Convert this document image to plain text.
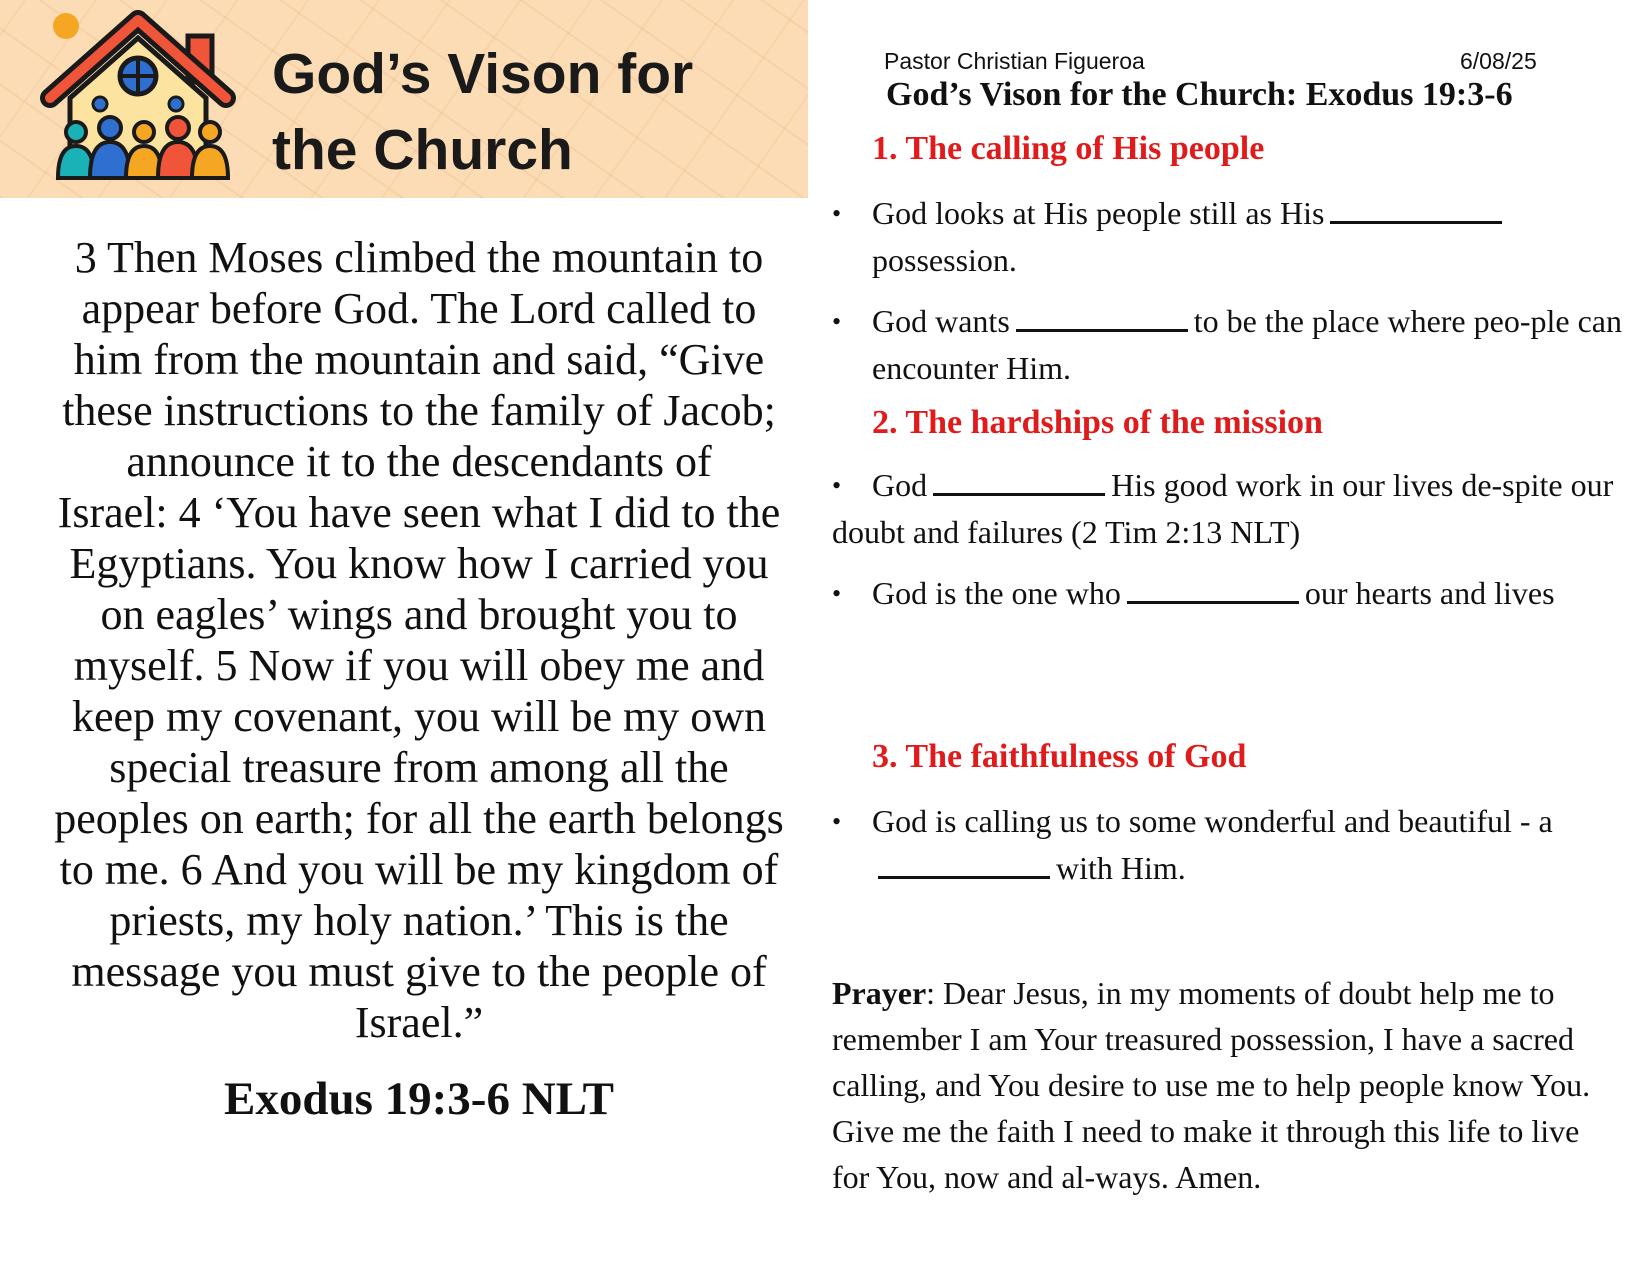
God’s Vison for
the Church
3 Then Moses climbed the mountain to
appear before God. The Lord called to
him from the mountain and said, “Give
these instructions to the family of Jacob;
announce it to the descendants of
Israel: 4 ‘You have seen what I did to the
Egyptians. You know how I carried you
on eagles’ wings and brought you to
myself. 5 Now if you will obey me and
keep my covenant, you will be my own
special treasure from among all the
peoples on earth; for all the earth belongs
to me. 6 And you will be my kingdom of
priests, my holy nation.’ This is the
message you must give to the people of
Israel.”
Exodus 19:3-6 NLT
Pastor Christian Figueroa	6/08/25
God’s Vison for the Church: Exodus 19:3-6
1. The calling of His people
• God looks at His people still as His
possession.
• God wants	to be the place where peo-ple can encounter Him.
2. The hardships of the mission
• God	His good work in our lives de-spite our doubt and failures (2 Tim 2:13 NLT)
• God is the one who	our hearts and lives
3. The faithfulness of God
• God is calling us to some wonderful and beautiful - awith Him.
Prayer: Dear Jesus, in my moments of doubt help me to remember I am Your treasured possession, I have a sacred calling, and You desire to use me to help people know You. Give me the faith I need to make it through this life to live for You, now and al-ways. Amen.
